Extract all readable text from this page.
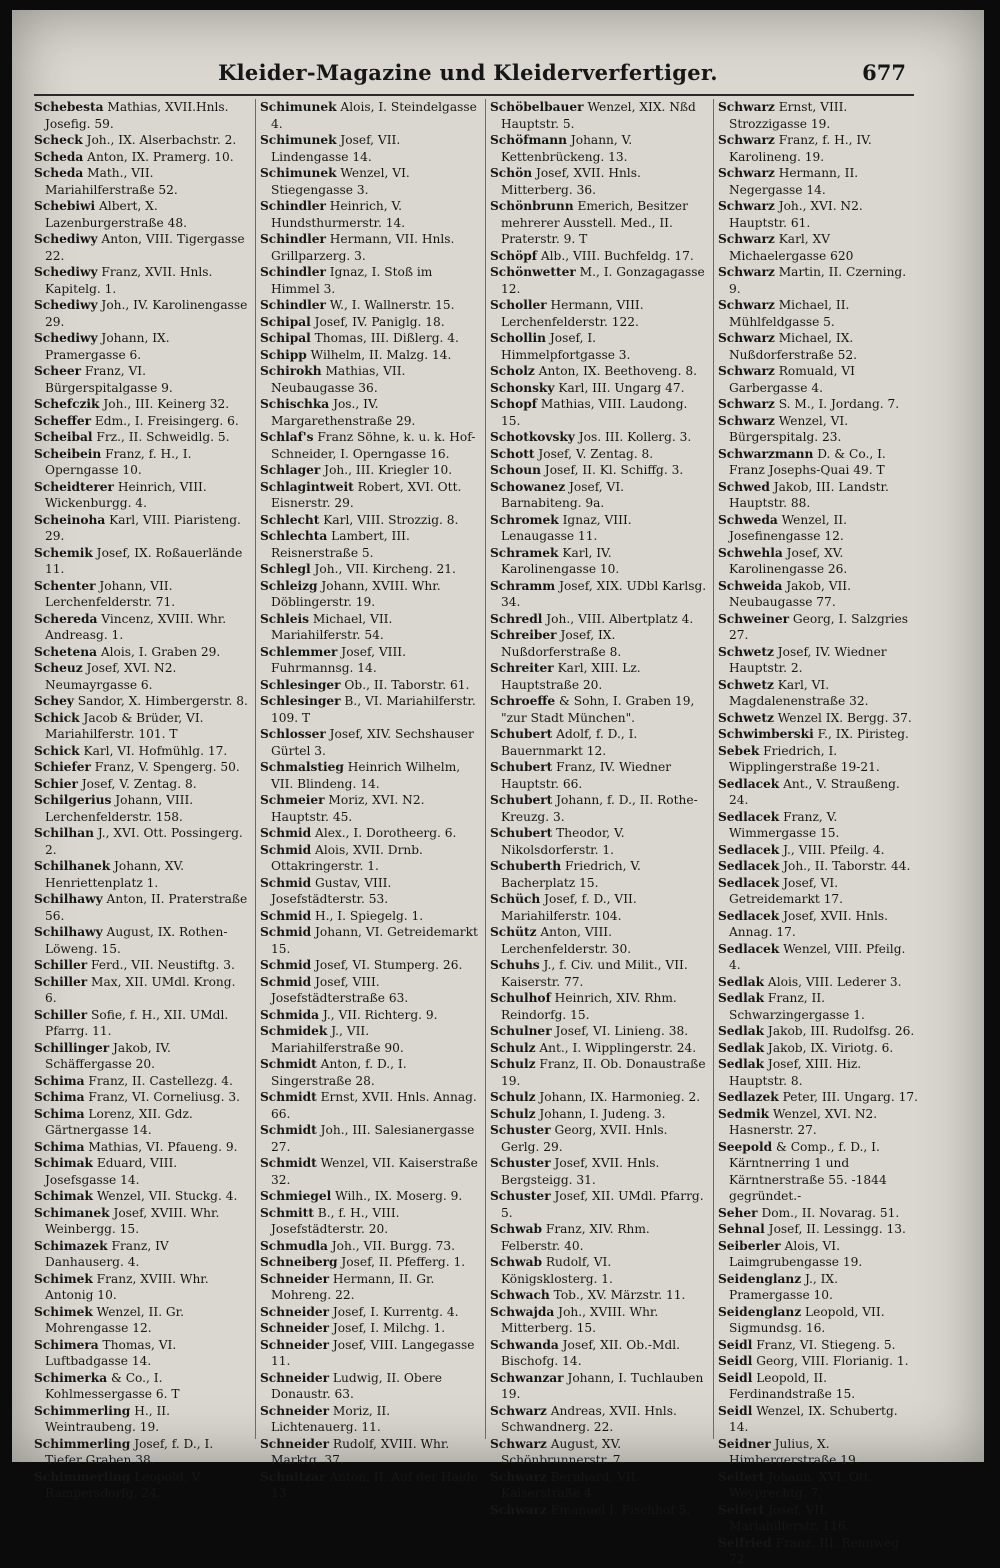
Kleider-Magazine und Kleiderverfertiger.	677

Schebesta Mathias, XVII.Hnls. Josefig. 59.

Scheck Joh., IX. Alserbachstr. 2.

Scheda Anton, IX. Pramerg. 10.

Scheda Math., VII. Mariahilferstraße 52.

Schebiwi Albert, X. Lazenburgerstraße 48.

Schediwy Anton, VIII. Tigergasse 22.

Schediwy Franz, XVII. Hnls. Kapitelg. 1.

Schediwy Joh., IV. Karolinengasse 29.

Schediwy Johann, IX. Pramergasse 6.

Scheer Franz, VI. Bürgerspitalgasse 9.

Schefczik Joh., III. Keinerg 32.

Scheffer Edm., I. Freisingerg. 6.

Scheibal Frz., II. Schweidlg. 5.

Scheibein Franz, f. H., I. Operngasse 10.

Scheidterer Heinrich, VIII. Wickenburgg. 4.

Scheinoha Karl, VIII. Piaristeng. 29.

Schemik Josef, IX. Roßauerlände 11.

Schenter Johann, VII. Lerchenfelderstr. 71.

Schereda Vincenz, XVIII. Whr. Andreasg. 1.

Schetena Alois, I. Graben 29.

Scheuz Josef, XVI. N2. Neumayrgasse 6.

Schey Sandor, X. Himbergerstr. 8.

Schick Jacob & Brüder, VI. Mariahilferstr. 101. T

Schick Karl, VI. Hofmühlg. 17.

Schiefer Franz, V. Spengerg. 50.

Schier Josef, V. Zentag. 8.

Schilgerius Johann, VIII. Lerchenfelderstr. 158.

Schilhan J., XVI. Ott. Possingerg. 2.

Schilhanek Johann, XV. Henriettenplatz 1.

Schilhawy Anton, II. Praterstraße 56.

Schilhawy August, IX. Rothen-Löweng. 15.

Schiller Ferd., VII. Neustiftg. 3.

Schiller Max, XII. UMdl. Krong. 6.

Schiller Sofie, f. H., XII. UMdl. Pfarrg. 11.

Schillinger Jakob, IV. Schäffergasse 20.

Schima Franz, II. Castellezg. 4.

Schima Franz, VI. Corneliusg. 3.

Schima Lorenz, XII. Gdz. Gärtnergasse 14.

Schima Mathias, VI. Pfaueng. 9.

Schimak Eduard, VIII. Josefsgasse 14.

Schimak Wenzel, VII. Stuckg. 4.

Schimanek Josef, XVIII. Whr. Weinbergg. 15.

Schimazek Franz, IV Danhauserg. 4.

Schimek Franz, XVIII. Whr. Antonig 10.

Schimek Wenzel, II. Gr. Mohrengasse 12.

Schimera Thomas, VI. Luftbadgasse 14.

Schimerka & Co., I. Kohlmessergasse 6. T

Schimmerling H., II. Weintraubeng. 19.

Schimmerling Josef, f. D., I. Tiefer Graben 38.

Schimmerling Leopold, V. Rampersdorfg. 24.

Schimunek Alois, I. Steindelgasse 4.

Schimunek Josef, VII. Lindengasse 14.

Schimunek Wenzel, VI. Stiegengasse 3.

Schindler Heinrich, V. Hundsthurmerstr. 14.

Schindler Hermann, VII. Hnls. Grillparzerg. 3.

Schindler Ignaz, I. Stoß im Himmel 3.

Schindler W., I. Wallnerstr. 15.

Schipal Josef, IV. Paniglg. 18.

Schipal Thomas, III. Dißlerg. 4.

Schipp Wilhelm, II. Malzg. 14.

Schirokh Mathias, VII. Neubaugasse 36.

Schischka Jos., IV. Margarethenstraße 29.

Schlaf's Franz Söhne, k. u. k. Hof-Schneider, I. Operngasse 16.

Schlager Joh., III. Kriegler 10.

Schlagintweit Robert, XVI. Ott. Eisnerstr. 29.

Schlecht Karl, VIII. Strozzig. 8.

Schlechta Lambert, III. Reisnerstraße 5.

Schlegl Joh., VII. Kircheng. 21.

Schleizg Johann, XVIII. Whr. Döblingerstr. 19.

Schleis Michael, VII. Mariahilferstr. 54.

Schlemmer Josef, VIII. Fuhrmannsg. 14.

Schlesinger Ob., II. Taborstr. 61.

Schlesinger B., VI. Mariahilferstr. 109. T

Schlosser Josef, XIV. Sechshauser Gürtel 3.

Schmalstieg Heinrich Wilhelm, VII. Blindeng. 14.

Schmeier Moriz, XVI. N2. Hauptstr. 45.

Schmid Alex., I. Dorotheerg. 6.

Schmid Alois, XVII. Drnb. Ottakringerstr. 1.

Schmid Gustav, VIII. Josefstädterstr. 53.

Schmid H., I. Spiegelg. 1.

Schmid Johann, VI. Getreidemarkt 15.

Schmid Josef, VI. Stumperg. 26.

Schmid Josef, VIII. Josefstädterstraße 63.

Schmida J., VII. Richterg. 9.

Schmidek J., VII. Mariahilferstraße 90.

Schmidt Anton, f. D., I. Singerstraße 28.

Schmidt Ernst, XVII. Hnls. Annag. 66.

Schmidt Joh., III. Salesianergasse 27.

Schmidt Wenzel, VII. Kaiserstraße 32.

Schmiegel Wilh., IX. Moserg. 9.

Schmitt B., f. H., VIII. Josefstädterstr. 20.

Schmudla Joh., VII. Burgg. 73.

Schneiberg Josef, II. Pfefferg. 1.

Schneider Hermann, II. Gr. Mohreng. 22.

Schneider Josef, I. Kurrentg. 4.

Schneider Josef, I. Milchg. 1.

Schneider Josef, VIII. Langegasse 11.

Schneider Ludwig, II. Obere Donaustr. 63.

Schneider Moriz, II. Lichtenauerg. 11.

Schneider Rudolf, XVIII. Whr. Marktg. 37.

Schnitzar Anton, II. Auf der Haide 13.

Schöbelbauer Wenzel, XIX. Nßd Hauptstr. 5.

Schöfmann Johann, V. Kettenbrückeng. 13.

Schön Josef, XVII. Hnls. Mitterberg. 36.

Schönbrunn Emerich, Besitzer mehrerer Ausstell. Med., II. Praterstr. 9. T

Schöpf Alb., VIII. Buchfeldg. 17.

Schönwetter M., I. Gonzagagasse 12.

Scholler Hermann, VIII. Lerchenfelderstr. 122.

Schollin Josef, I. Himmelpfortgasse 3.

Scholz Anton, IX. Beethoveng. 8.

Schonsky Karl, III. Ungarg 47.

Schopf Mathias, VIII. Laudong. 15.

Schotkovsky Jos. III. Kollerg. 3.

Schott Josef, V. Zentag. 8.

Schoun Josef, II. Kl. Schiffg. 3.

Schowanez Josef, VI. Barnabiteng. 9a.

Schromek Ignaz, VIII. Lenaugasse 11.

Schramek Karl, IV. Karolinengasse 10.

Schramm Josef, XIX. UDbl Karlsg. 34.

Schredl Joh., VIII. Albertplatz 4.

Schreiber Josef, IX. Nußdorferstraße 8.

Schreiter Karl, XIII. Lz. Hauptstraße 20.

Schroeffe & Sohn, I. Graben 19, "zur Stadt München".

Schubert Adolf, f. D., I. Bauernmarkt 12.

Schubert Franz, IV. Wiedner Hauptstr. 66.

Schubert Johann, f. D., II. Rothe-Kreuzg. 3.

Schubert Theodor, V. Nikolsdorferstr. 1.

Schuberth Friedrich, V. Bacherplatz 15.

Schüch Josef, f. D., VII. Mariahilferstr. 104.

Schütz Anton, VIII. Lerchenfelderstr. 30.

Schuhs J., f. Civ. und Milit., VII. Kaiserstr. 77.

Schulhof Heinrich, XIV. Rhm. Reindorfg. 15.

Schulner Josef, VI. Linieng. 38.

Schulz Ant., I. Wipplingerstr. 24.

Schulz Franz, II. Ob. Donaustraße 19.

Schulz Johann, IX. Harmonieg. 2.

Schulz Johann, I. Judeng. 3.

Schuster Georg, XVII. Hnls. Gerlg. 29.

Schuster Josef, XVII. Hnls. Bergsteigg. 31.

Schuster Josef, XII. UMdl. Pfarrg. 5.

Schwab Franz, XIV. Rhm. Felberstr. 40.

Schwab Rudolf, VI. Königsklosterg. 1.

Schwach Tob., XV. Märzstr. 11.

Schwajda Joh., XVIII. Whr. Mitterberg. 15.

Schwanda Josef, XII. Ob.-Mdl. Bischofg. 14.

Schwanzar Johann, I. Tuchlauben 19.

Schwarz Andreas, XVII. Hnls. Schwandnerg. 22.

Schwarz August, XV. Schönbrunnerstr. 7.

Schwarz Bernhard, VII. Kaiserstraße 4.

Schwarz Emanuel I. Fischhof 5.

Schwarz Ernst, VIII. Strozzigasse 19.

Schwarz Franz, f. H., IV. Karolineng. 19.

Schwarz Hermann, II. Negergasse 14.

Schwarz Joh., XVI. N2. Hauptstr. 61.

Schwarz Karl, XV Michaelergasse 620

Schwarz Martin, II. Czerning. 9.

Schwarz Michael, II. Mühlfeldgasse 5.

Schwarz Michael, IX. Nußdorferstraße 52.

Schwarz Romuald, VI Garbergasse 4.

Schwarz S. M., I. Jordang. 7.

Schwarz Wenzel, VI. Bürgerspitalg. 23.

Schwarzmann D. & Co., I. Franz Josephs-Quai 49. T

Schwed Jakob, III. Landstr. Hauptstr. 88.

Schweda Wenzel, II. Josefinengasse 12.

Schwehla Josef, XV. Karolinengasse 26.

Schweida Jakob, VII. Neubaugasse 77.

Schweiner Georg, I. Salzgries 27.

Schwetz Josef, IV. Wiedner Hauptstr. 2.

Schwetz Karl, VI. Magdalenenstraße 32.

Schwetz Wenzel IX. Bergg. 37.

Schwimberski F., IX. Piristeg.

Sebek Friedrich, I. Wipplingerstraße 19-21.

Sedlacek Ant., V. Straußeng. 24.

Sedlacek Franz, V. Wimmergasse 15.

Sedlacek J., VIII. Pfeilg. 4.

Sedlacek Joh., II. Taborstr. 44.

Sedlacek Josef, VI. Getreidemarkt 17.

Sedlacek Josef, XVII. Hnls. Annag. 17.

Sedlacek Wenzel, VIII. Pfeilg. 4.

Sedlak Alois, VIII. Lederer 3.

Sedlak Franz, II. Schwarzingergasse 1.

Sedlak Jakob, III. Rudolfsg. 26.

Sedlak Jakob, IX. Viriotg. 6.

Sedlak Josef, XIII. Hiz. Hauptstr. 8.

Sedlazek Peter, III. Ungarg. 17.

Sedmik Wenzel, XVI. N2. Hasnerstr. 27.

Seepold & Comp., f. D., I. Kärntnerring 1 und Kärntnerstraße 55. -1844 gegründet.-

Seher Dom., II. Novarag. 51.

Sehnal Josef, II. Lessingg. 13.

Seiberler Alois, VI. Laimgrubengasse 19.

Seidenglanz J., IX. Pramergasse 10.

Seidenglanz Leopold, VII. Sigmundsg. 16.

Seidl Franz, VI. Stiegeng. 5.

Seidl Georg, VIII. Florianig. 1.

Seidl Leopold, II. Ferdinandstraße 15.

Seidl Wenzel, IX. Schubertg. 14.

Seidner Julius, X. Himbergerstraße 19.

Seifert Johann, XVI. Ott. Weyprechtg. 7.

Seifert Josef, VII. Mariahilferstr. 116.

Seifried Franz, III. Rennweg 72.
